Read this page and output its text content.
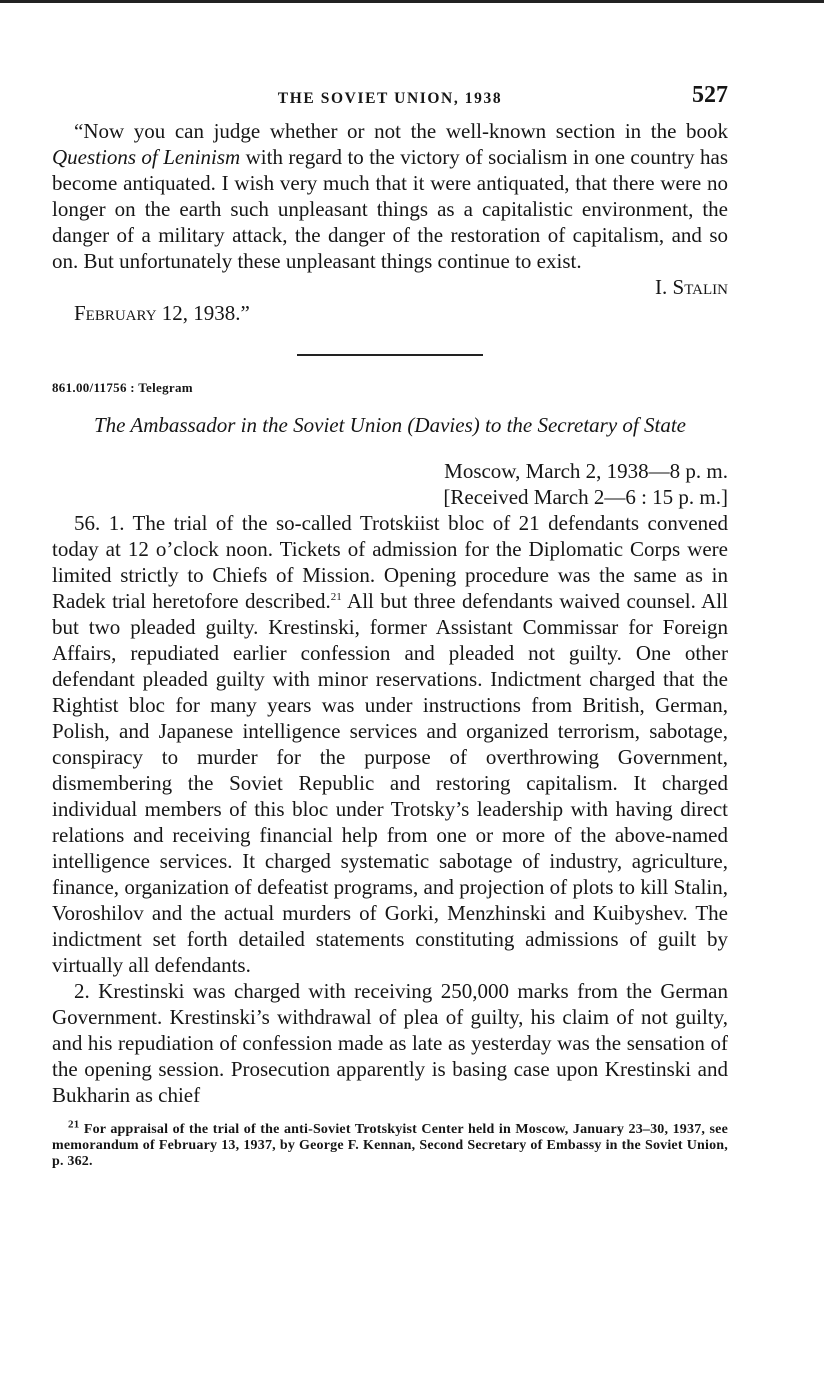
THE SOVIET UNION, 1938	527

“Now you can judge whether or not the well-known section in the book Questions of Leninism with regard to the victory of socialism in one country has become antiquated. I wish very much that it were antiquated, that there were no longer on the earth such unpleasant things as a capitalistic environment, the danger of a military attack, the danger of the restoration of capitalism, and so on. But unfortunately these unpleasant things continue to exist.

I. Stalin
February 12, 1938.”
861.00/11756 : Telegram
The Ambassador in the Soviet Union (Davies) to the Secretary of State
Moscow, March 2, 1938—8 p. m.
[Received March 2—6 : 15 p. m.]

56. 1. The trial of the so-called Trotskiist bloc of 21 defendants convened today at 12 o’clock noon. Tickets of admission for the Diplomatic Corps were limited strictly to Chiefs of Mission. Opening procedure was the same as in Radek trial heretofore described.$^{21}$ All but three defendants waived counsel. All but two pleaded guilty. Krestinski, former Assistant Commissar for Foreign Affairs, repudiated earlier confession and pleaded not guilty. One other defendant pleaded guilty with minor reservations. Indictment charged that the Rightist bloc for many years was under instructions from British, German, Polish, and Japanese intelligence services and organized terrorism, sabotage, conspiracy to murder for the purpose of overthrowing Government, dismembering the Soviet Republic and restoring capitalism. It charged individual members of this bloc under Trotsky’s leadership with having direct relations and receiving financial help from one or more of the above-named intelligence services. It charged systematic sabotage of industry, agriculture, finance, organization of defeatist programs, and projection of plots to kill Stalin, Voroshilov and the actual murders of Gorki, Menzhinski and Kuibyshev. The indictment set forth detailed statements constituting admissions of guilt by virtually all defendants.

2. Krestinski was charged with receiving 250,000 marks from the German Government. Krestinski’s withdrawal of plea of guilty, his claim of not guilty, and his repudiation of confession made as late as yesterday was the sensation of the opening session. Prosecution apparently is basing case upon Krestinski and Bukharin as chief

$^{21}$ For appraisal of the trial of the anti-Soviet Trotskyist Center held in Moscow, January 23–30, 1937, see memorandum of February 13, 1937, by George F. Kennan, Second Secretary of Embassy in the Soviet Union, p. 362.
